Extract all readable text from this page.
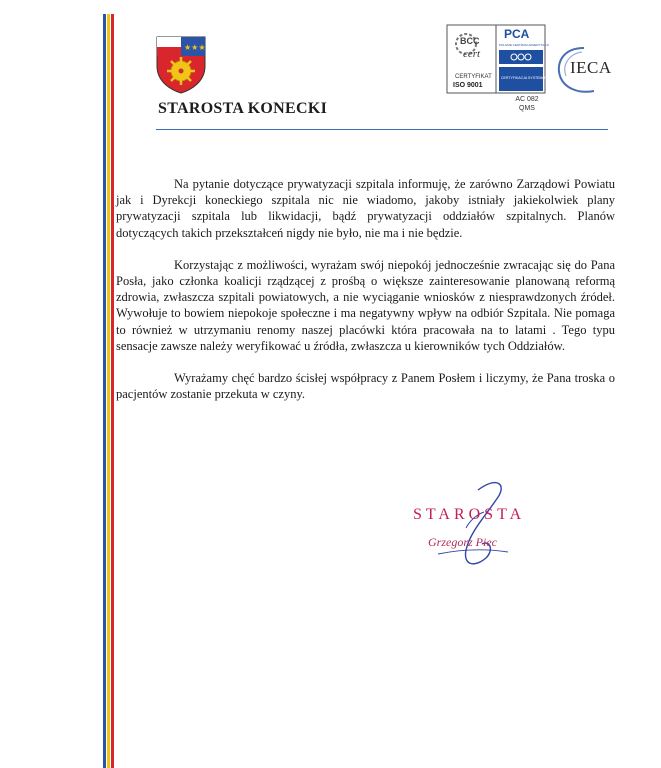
★★★
STAROSTA KONECKI
BCC
cert
CERTYFIKAT
ISO 9001
PCA
POLSKIE CENTRUM AKREDYTACJI
CERTYFIKACJA SYSTEMÓW ZARZĄDZANIA
AC 082
QMS
IECA

Na pytanie dotyczące prywatyzacji szpitala informuję, że zarówno Zarządowi Powiatu jak i Dyrekcji koneckiego szpitala nic nie wiadomo, jakoby istniały jakiekolwiek plany prywatyzacji szpitala lub likwidacji, bądź prywatyzacji oddziałów szpitalnych. Planów dotyczących takich przekształceń nigdy nie było, nie ma i nie będzie.

Korzystając z możliwości, wyrażam swój niepokój jednocześnie zwracając się do Pana Posła, jako członka koalicji rządzącej z prośbą o większe zainteresowanie planowaną reformą zdrowia, zwłaszcza szpitali powiatowych, a nie wyciąganie wniosków z niesprawdzonych źródeł. Wywołuje to bowiem niepokoje społeczne i ma negatywny wpływ na odbiór Szpitala. Nie pomaga to również w utrzymaniu renomy naszej placówki która pracowała na to latami . Tego typu sensacje zawsze należy weryfikować u źródła, zwłaszcza u kierowników tych Oddziałów.

Wyrażamy chęć bardzo ścisłej współpracy z Panem Posłem i liczymy, że Pana troska o pacjentów zostanie przekuta w czyny.

STAROSTA
Grzegorz Piec
